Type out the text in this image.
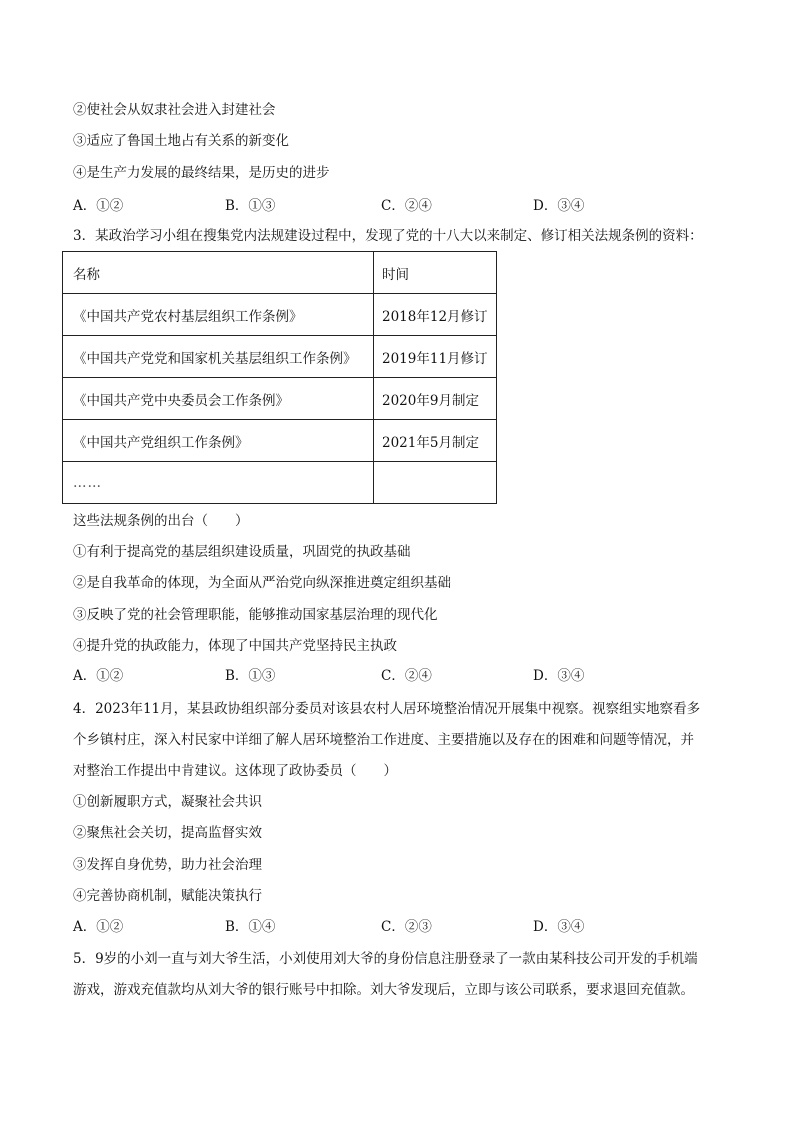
②使社会从奴隶社会进入封建社会
③适应了鲁国土地占有关系的新变化
④是生产力发展的最终结果，是历史的进步
A．①②	B．①③	C．②④	D．③④
3．某政治学习小组在搜集党内法规建设过程中，发现了党的十八大以来制定、修订相关法规条例的资料：
名称	时间
《中国共产党农村基层组织工作条例》	2018年12月修订
《中国共产党党和国家机关基层组织工作条例》	2019年11月修订
《中国共产党中央委员会工作条例》	2020年9月制定
《中国共产党组织工作条例》	2021年5月制定
……	
这些法规条例的出台（　　）
①有利于提高党的基层组织建设质量，巩固党的执政基础
②是自我革命的体现，为全面从严治党向纵深推进奠定组织基础
③反映了党的社会管理职能，能够推动国家基层治理的现代化
④提升党的执政能力，体现了中国共产党坚持民主执政
A．①②	B．①③	C．②④	D．③④
4．2023年11月，某县政协组织部分委员对该县农村人居环境整治情况开展集中视察。视察组实地察看多
个乡镇村庄，深入村民家中详细了解人居环境整治工作进度、主要措施以及存在的困难和问题等情况，并
对整治工作提出中肯建议。这体现了政协委员（　　）
①创新履职方式，凝聚社会共识
②聚焦社会关切，提高监督实效
③发挥自身优势，助力社会治理
④完善协商机制，赋能决策执行
A．①②	B．①④	C．②③	D．③④
5．9岁的小刘一直与刘大爷生活，小刘使用刘大爷的身份信息注册登录了一款由某科技公司开发的手机端
游戏，游戏充值款均从刘大爷的银行账号中扣除。刘大爷发现后，立即与该公司联系，要求退回充值款。
